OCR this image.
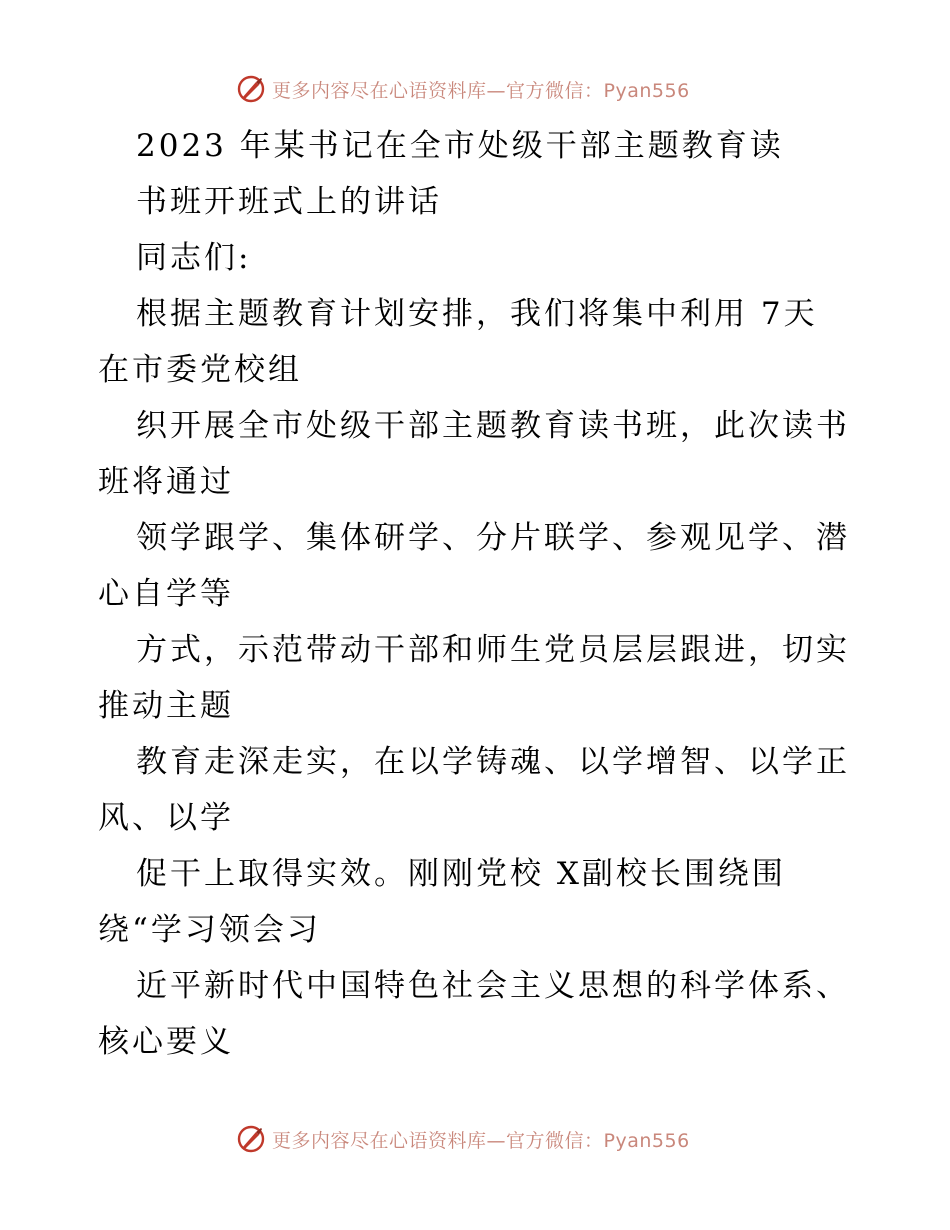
更多内容尽在心语资料库—官方微信：Pyan556
2023 年某书记在全市处级干部主题教育读
书班开班式上的讲话
同志们:
根据主题教育计划安排，我们将集中利用 7天
在市委党校组
织开展全市处级干部主题教育读书班，此次读书
班将通过
领学跟学、集体研学、分片联学、参观见学、潜
心自学等
方式，示范带动干部和师生党员层层跟进，切实
推动主题
教育走深走实，在以学铸魂、以学增智、以学正
风、以学
促干上取得实效。刚刚党校 X副校长围绕围
绕“学习领会习
近平新时代中国特色社会主义思想的科学体系、
核心要义
更多内容尽在心语资料库—官方微信：Pyan556
